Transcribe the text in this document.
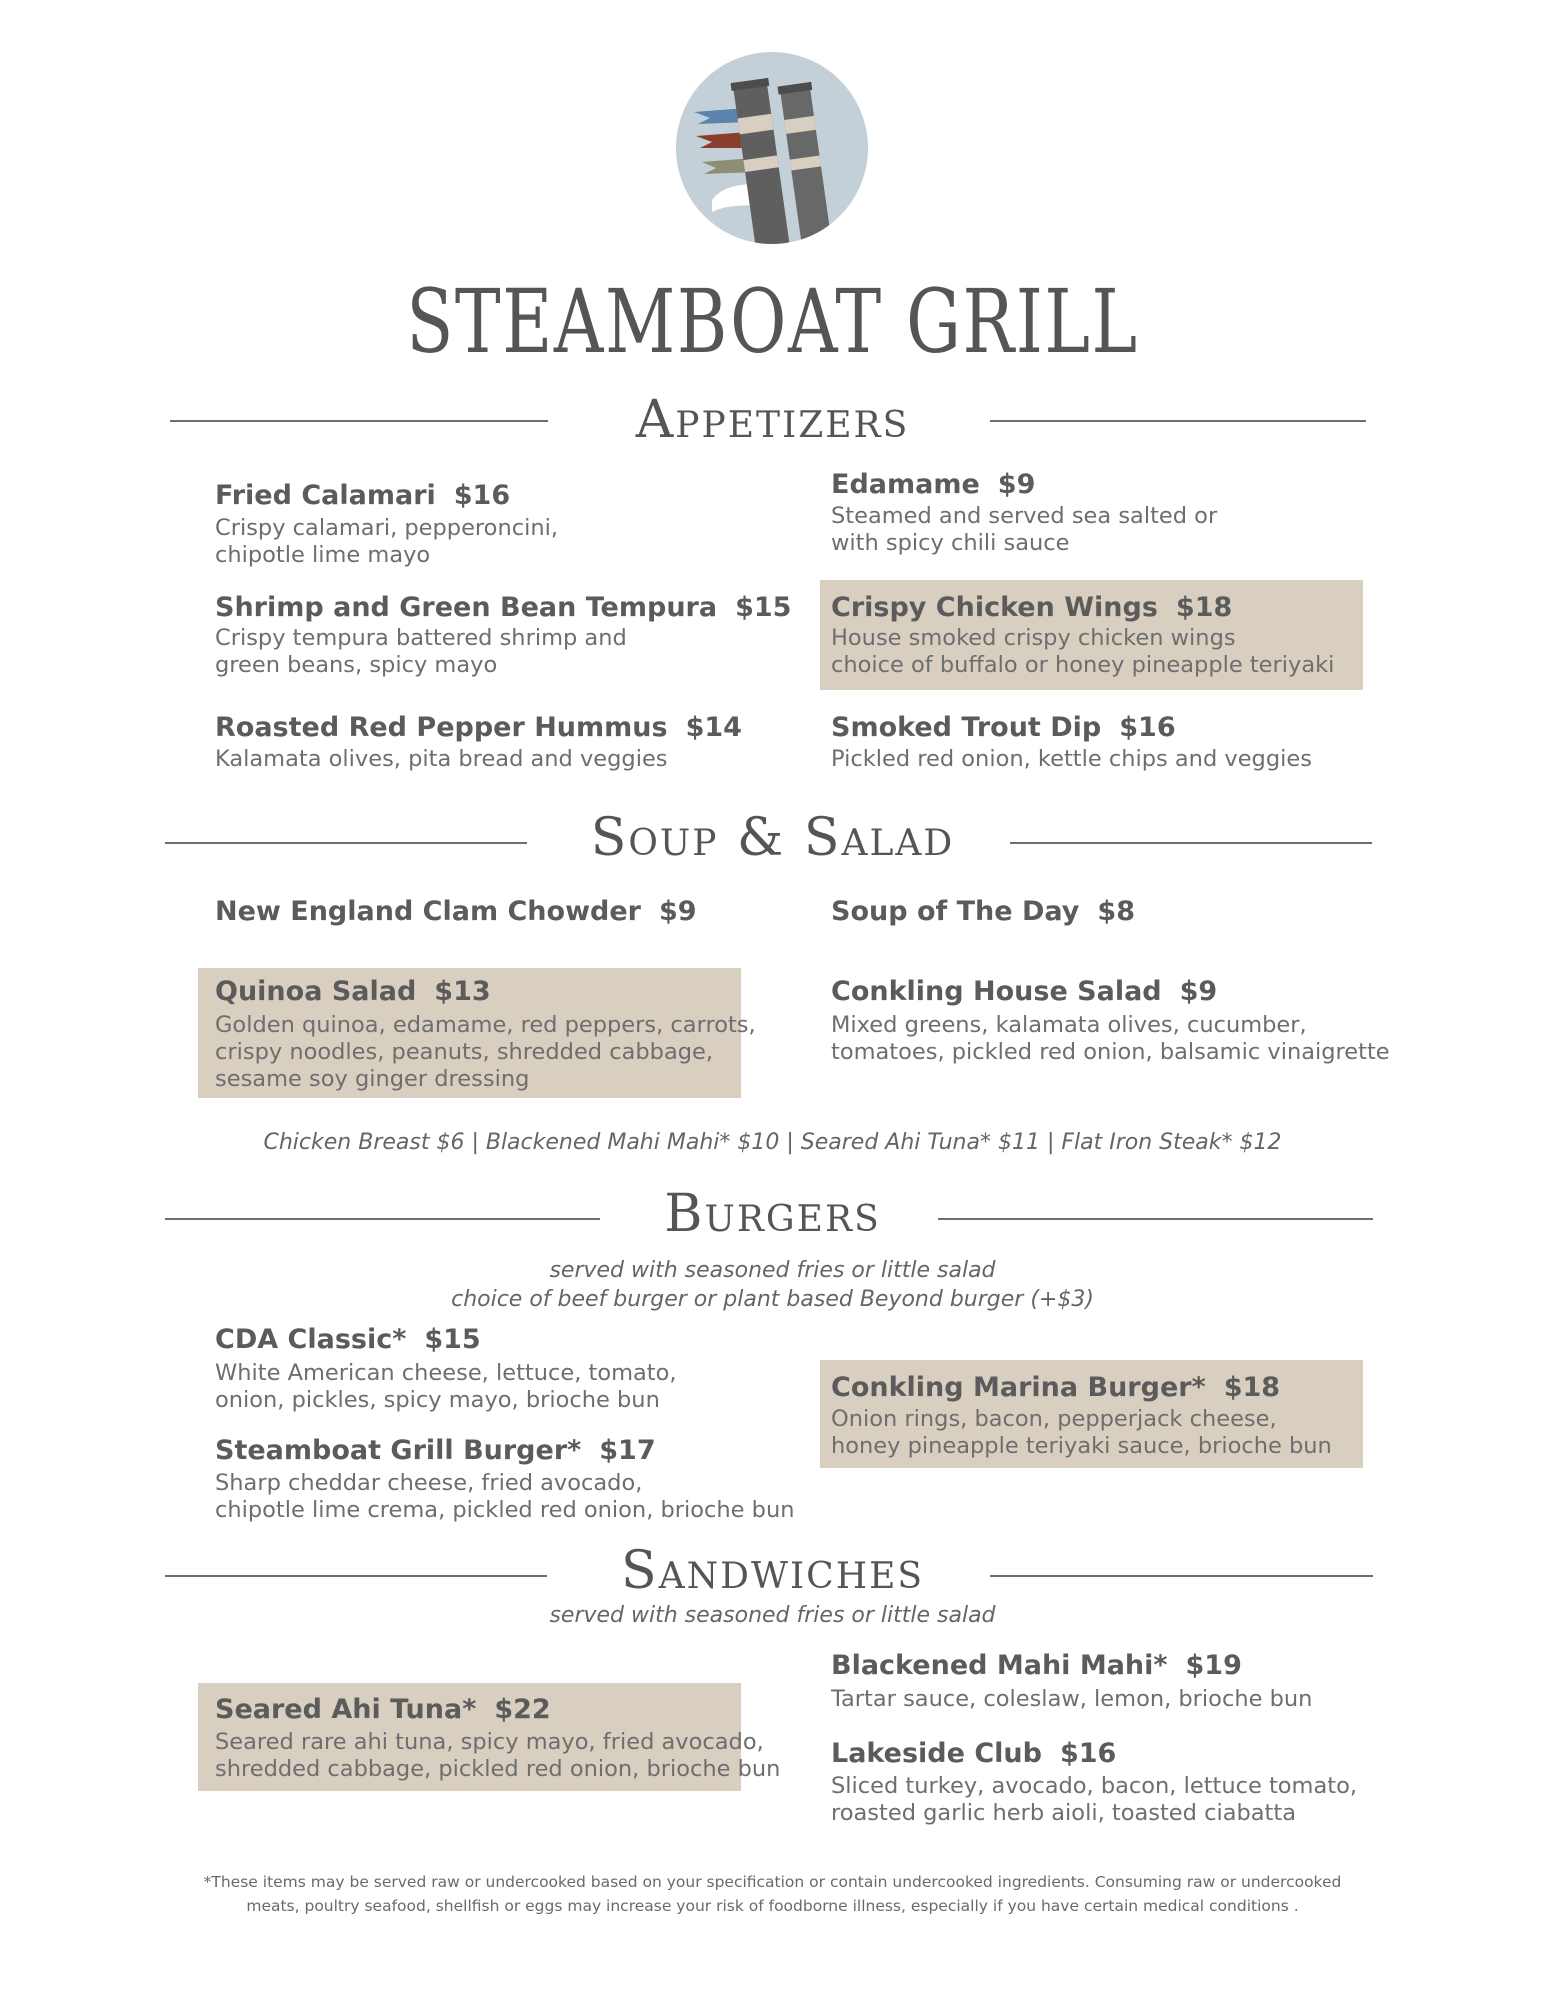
STEAMBOAT GRILL
Appetizers
Fried Calamari $16
Crispy calamari, pepperoncini,
chipotle lime mayo
Edamame $9
Steamed and served sea salted or
with spicy chili sauce
Shrimp and Green Bean Tempura $15
Crispy tempura battered shrimp and
green beans, spicy mayo
Crispy Chicken Wings $18
House smoked crispy chicken wings
choice of buffalo or honey pineapple teriyaki
Roasted Red Pepper Hummus $14
Kalamata olives, pita bread and veggies
Smoked Trout Dip $16
Pickled red onion, kettle chips and veggies
Soup & Salad
New England Clam Chowder $9	Soup of The Day $8
Quinoa Salad $13
Golden quinoa, edamame, red peppers, carrots,
crispy noodles, peanuts, shredded cabbage,
sesame soy ginger dressing
Conkling House Salad $9
Mixed greens, kalamata olives, cucumber,
tomatoes, pickled red onion, balsamic vinaigrette
Chicken Breast $6 | Blackened Mahi Mahi* $10 | Seared Ahi Tuna* $11 | Flat Iron Steak* $12
Burgers
served with seasoned fries or little salad
choice of beef burger or plant based Beyond burger (+$3)
CDA Classic* $15
White American cheese, lettuce, tomato,
onion, pickles, spicy mayo, brioche bun	Conkling Marina Burger* $18
Onion rings, bacon, pepperjack cheese,
honey pineapple teriyaki sauce, brioche bun
Steamboat Grill Burger* $17
Sharp cheddar cheese, fried avocado,
chipotle lime crema, pickled red onion, brioche bun
Sandwiches
served with seasoned fries or little salad
Blackened Mahi Mahi* $19
Tartar sauce, coleslaw, lemon, brioche bun
Seared Ahi Tuna* $22
Seared rare ahi tuna, spicy mayo, fried avocado,
shredded cabbage, pickled red onion, brioche bun Lakeside Club $16
Sliced turkey, avocado, bacon, lettuce tomato,
roasted garlic herb aioli, toasted ciabatta
*These items may be served raw or undercooked based on your specification or contain undercooked ingredients. Consuming raw or undercooked
meats, poultry seafood, shellfish or eggs may increase your risk of foodborne illness, especially if you have certain medical conditions .
